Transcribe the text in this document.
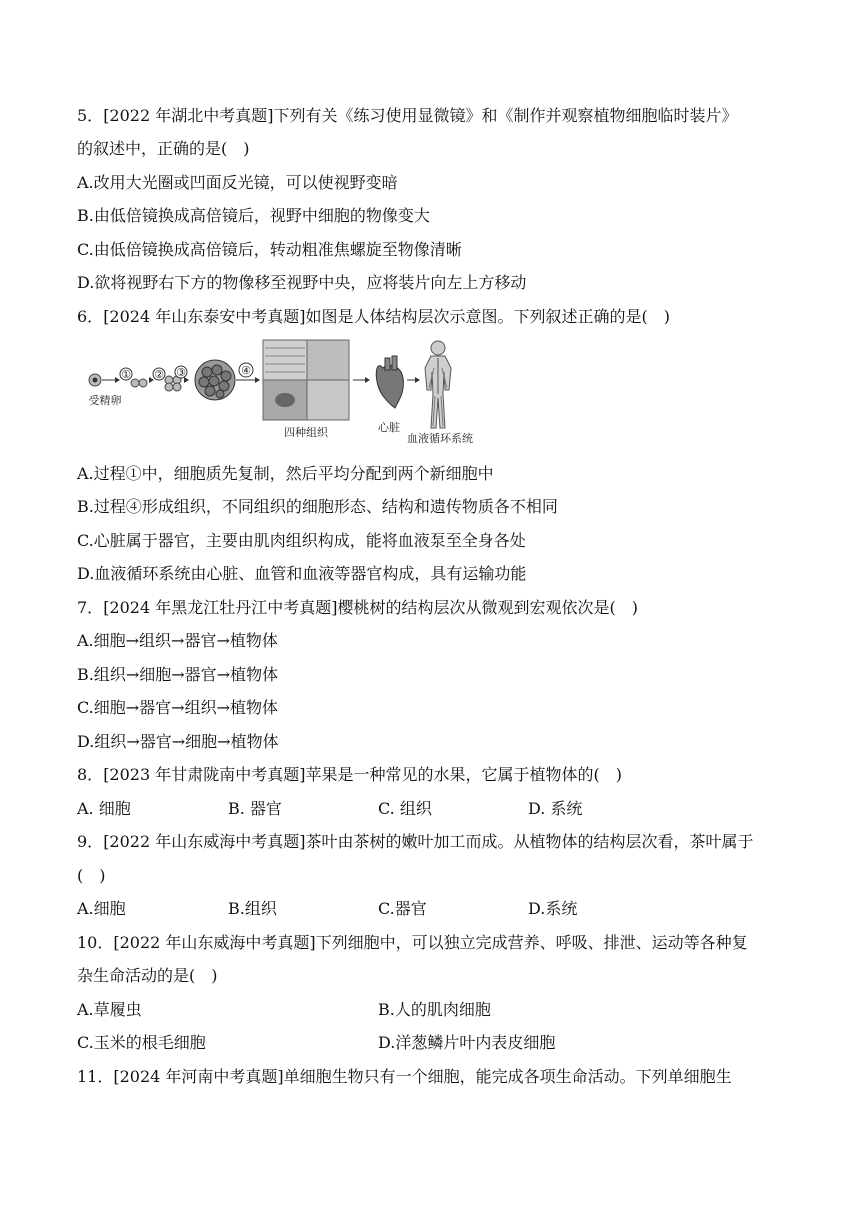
5．[2022 年湖北中考真题]下列有关《练习使用显微镜》和《制作并观察植物细胞临时装片》
的叙述中，正确的是(　)
A.改用大光圈或凹面反光镜，可以使视野变暗
B.由低倍镜换成高倍镜后，视野中细胞的物像变大
C.由低倍镜换成高倍镜后，转动粗准焦螺旋至物像清晰
D.欲将视野右下方的物像移至视野中央，应将装片向左上方移动
6．[2024 年山东泰安中考真题]如图是人体结构层次示意图。下列叙述正确的是(　)
① ② ③	④
四种组织	心脏
血液循环系统
受精卵
A.过程①中，细胞质先复制，然后平均分配到两个新细胞中
B.过程④形成组织，不同组织的细胞形态、结构和遗传物质各不相同
C.心脏属于器官，主要由肌肉组织构成，能将血液泵至全身各处
D.血液循环系统由心脏、血管和血液等器官构成，具有运输功能
7．[2024 年黑龙江牡丹江中考真题]樱桃树的结构层次从微观到宏观依次是(　)
A.细胞→组织→器官→植物体
B.组织→细胞→器官→植物体
C.细胞→器官→组织→植物体
D.组织→器官→细胞→植物体
8．[2023 年甘肃陇南中考真题]苹果是一种常见的水果，它属于植物体的(　)
A. 细胞	B. 器官	C. 组织	D. 系统
9．[2022 年山东威海中考真题]茶叶由茶树的嫩叶加工而成。从植物体的结构层次看，茶叶属于
(　)
A.细胞	B.组织	C.器官	D.系统
10．[2022 年山东威海中考真题]下列细胞中，可以独立完成营养、呼吸、排泄、运动等各种复
杂生命活动的是(　)
A.草履虫	B.人的肌肉细胞
C.玉米的根毛细胞	D.洋葱鳞片叶内表皮细胞
11．[2024 年河南中考真题]单细胞生物只有一个细胞，能完成各项生命活动。下列单细胞生
